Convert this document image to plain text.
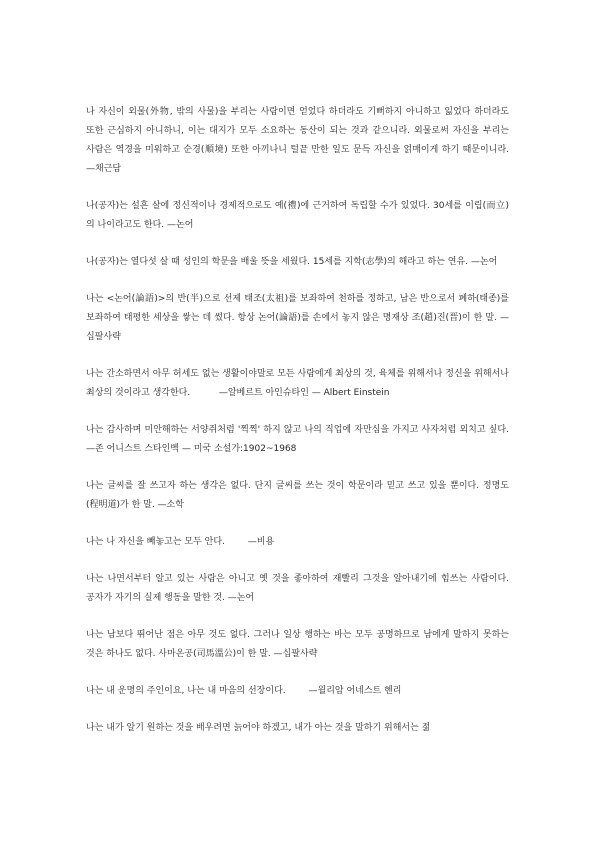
나 자신이 외물(外物, 밖의 사물)을 부리는 사람이면 얻었다 하더라도 기뻐하지 아니하고 잃었다 하더라도 또한 근심하지 아니하니, 이는 대지가 모두 소요하는 동산이 되는 것과 같으니라. 외물로써 자신을 부리는 사람은 역경을 미워하고 순경(順境) 또한 아끼나니 털끝 만한 일도 문득 자신을 얽매이게 하기 때문이니라. —채근담

나(공자)는 설흔 살에 정신적이나 경제적으로도 예(禮)에 근거하여 독립할 수가 있었다. 30세를 이립(而立)의 나이라고도 한다. —논어

나(공자)는 열다섯 살 때 성인의 학문을 배울 뜻을 세웠다. 15세를 지학(志學)의 해라고 하는 연유. —논어

나는 <논어(論語)>의 반(半)으로 선제 태조(太祖)를 보좌하여 천하를 정하고, 남은 반으로서 폐하(태종)를 보좌하여 태평한 세상을 쌓는 데 썼다. 항상 논어(論語)를 손에서 놓지 않은 명재상 조(趙)진(晋)이 한 말. —십팔사략

나는 간소하면서 아무 허세도 없는 생활이야말로 모든 사람에게 최상의 것, 육체를 위해서나 정신을 위해서나 최상의 것이라고 생각한다.          —알베르트 아인슈타인 — Albert Einstein

나는 감사하며 미안해하는 서양쥐처럼 '찍찍' 하지 않고 나의 직업에 자만심을 가지고 사자처럼 외치고 싶다.        —존 어니스트 스타인벡 — 미국 소설가:1902~1968

나는 글씨를 잘 쓰고자 하는 생각은 없다. 단지 글씨를 쓰는 것이 학문이라 믿고 쓰고 있을 뿐이다. 정명도(程明道)가 한 말. —소학

나는 나 자신을 빼놓고는 모두 안다.        —비용

나는 나면서부터 알고 있는 사람은 아니고 옛 것을 좋아하여 재빨리 그것을 알아내기에 힘쓰는 사람이다. 공자가 자기의 실제 행동을 말한 것. —논어

나는 남보다 뛰어난 점은 아무 것도 없다. 그러나 일상 행하는 바는 모두 공명하므로 남에게 말하지 못하는 것은 하나도 없다. 사마온공(司馬溫公)이 한 말. —십팔사략

나는 내 운명의 주인이요, 나는 내 마음의 선장이다.        —윌리암 어네스트 헨리

나는 내가 알기 원하는 것을 배우려면 늙어야 하겠고, 내가 아는 것을 말하기 위해서는 젊
